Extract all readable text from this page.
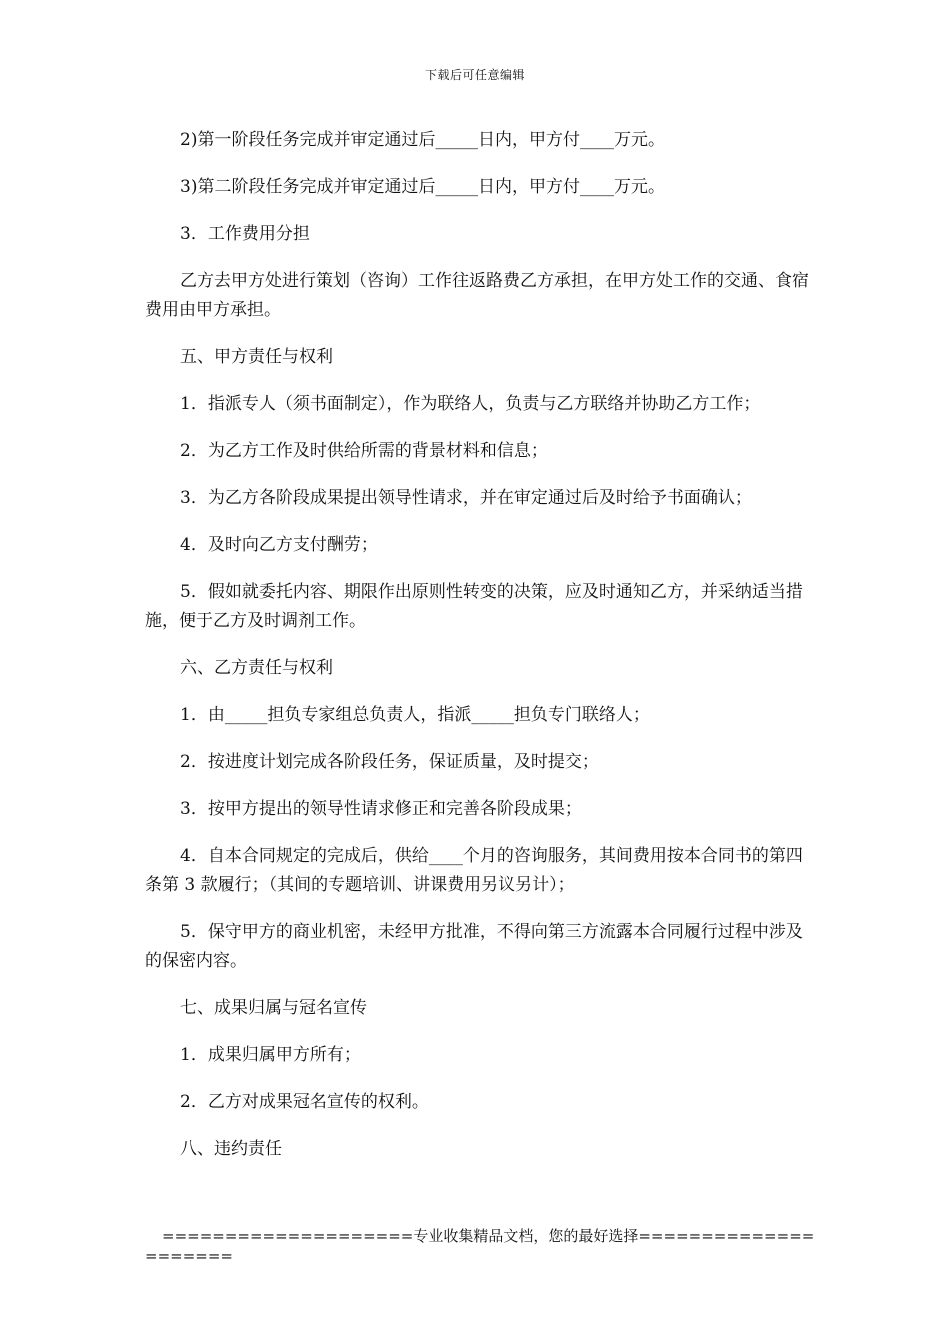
下载后可任意编辑

2)第一阶段任务完成并审定通过后_____日内，甲方付____万元。

3)第二阶段任务完成并审定通过后_____日内，甲方付____万元。

3．工作费用分担

乙方去甲方处进行策划（咨询）工作往返路费乙方承担，在甲方处工作的交通、食宿费用由甲方承担。

五、甲方责任与权利

1．指派专人（须书面制定），作为联络人，负责与乙方联络并协助乙方工作；

2．为乙方工作及时供给所需的背景材料和信息；

3．为乙方各阶段成果提出领导性请求，并在审定通过后及时给予书面确认；

4．及时向乙方支付酬劳；

5．假如就委托内容、期限作出原则性转变的决策，应及时通知乙方，并采纳适当措施，便于乙方及时调剂工作。

六、乙方责任与权利

1．由_____担负专家组总负责人，指派_____担负专门联络人；

2．按进度计划完成各阶段任务，保证质量，及时提交；

3．按甲方提出的领导性请求修正和完善各阶段成果；

4．自本合同规定的完成后，供给____个月的咨询服务，其间费用按本合同书的第四条第 3 款履行；（其间的专题培训、讲课费用另议另计）；

5．保守甲方的商业机密，未经甲方批准，不得向第三方流露本合同履行过程中涉及的保密内容。

七、成果归属与冠名宣传

1．成果归属甲方所有；

2．乙方对成果冠名宣传的权利。

八、违约责任

====================专业收集精品文档，您的最好选择=====================
